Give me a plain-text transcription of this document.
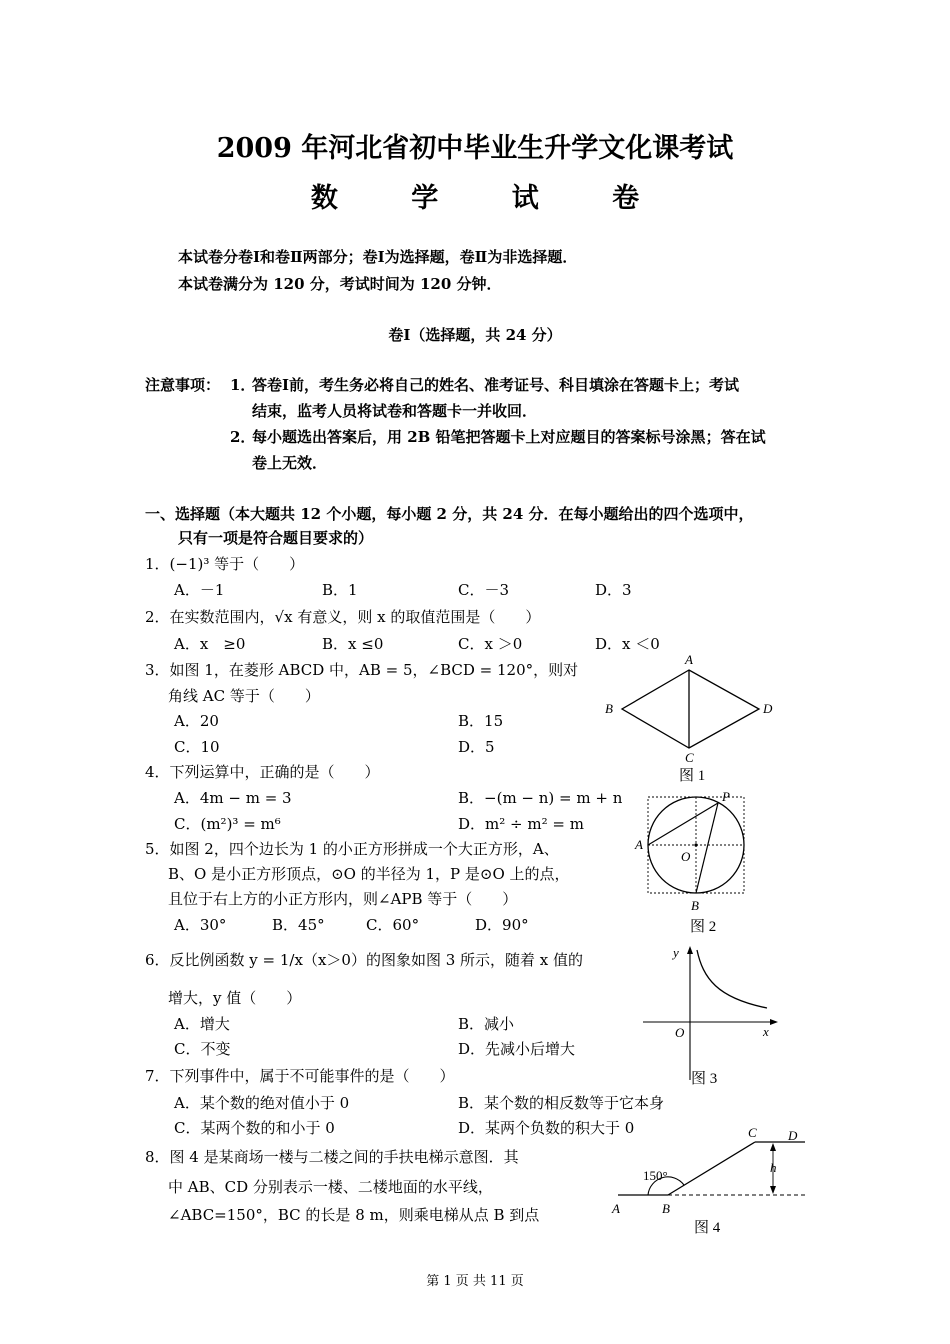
2009 年河北省初中毕业生升学文化课考试
数 学 试 卷
本试卷分卷Ⅰ和卷Ⅱ两部分；卷Ⅰ为选择题，卷Ⅱ为非选择题．
本试卷满分为 120 分，考试时间为 120 分钟．
卷Ⅰ（选择题，共 24 分）
注意事项： 1．
答卷Ⅰ前，考生务必将自己的姓名、准考证号、科目填涂在答题卡上；考试
结束，监考人员将试卷和答题卡一并收回．
2．
每小题选出答案后，用 2B 铅笔把答题卡上对应题目的答案标号涂黑；答在试
卷上无效．
一、选择题（本大题共 12 个小题，每小题 2 分，共 24 分．在每小题给出的四个选项中，
只有一项是符合题目要求的）
1．(−1)³ 等于（　　）
A．－1	B．1	C．－3	D．3
2．在实数范围内，√x 有意义，则 x 的取值范围是（　　）
A．x　≥0	B．x ≤0	C．x ＞0	D．x ＜0
3．如图 1，在菱形 ABCD 中，AB = 5，∠BCD = 120°，则对
角线 AC 等于（　　）
A．20	B．15
C．10	D．5
4．下列运算中，正确的是（　　）
A．4m − m = 3	B．−(m − n) = m + n
C．(m²)³ = m⁶	D．m² ÷ m² = m
5．如图 2，四个边长为 1 的小正方形拼成一个大正方形，A、
B、O 是小正方形顶点，⊙O 的半径为 1，P 是⊙O 上的点，
且位于右上方的小正方形内，则∠APB 等于（　　）
A．30°	B．45°	C．60°	D．90°
6．反比例函数 y = 1/x（x＞0）的图象如图 3 所示，随着 x 值的
增大，y 值（　　）
A．增大	B．减小
C．不变	D．先减小后增大
7．下列事件中，属于不可能事件的是（　　）
A．某个数的绝对值小于 0	B．某个数的相反数等于它本身
C．某两个数的和小于 0	D．某两个负数的积大于 0
8．图 4 是某商场一楼与二楼之间的手扶电梯示意图．其
中 AB、CD 分别表示一楼、二楼地面的水平线，
∠ABC=150°，BC 的长是 8 m，则乘电梯从点 B 到点
A
B
C
D
图 1
P
A
O
B
图 2
y
O	x
图 3
C D
h
150°
A	B
图 4
第 1 页 共 11 页
